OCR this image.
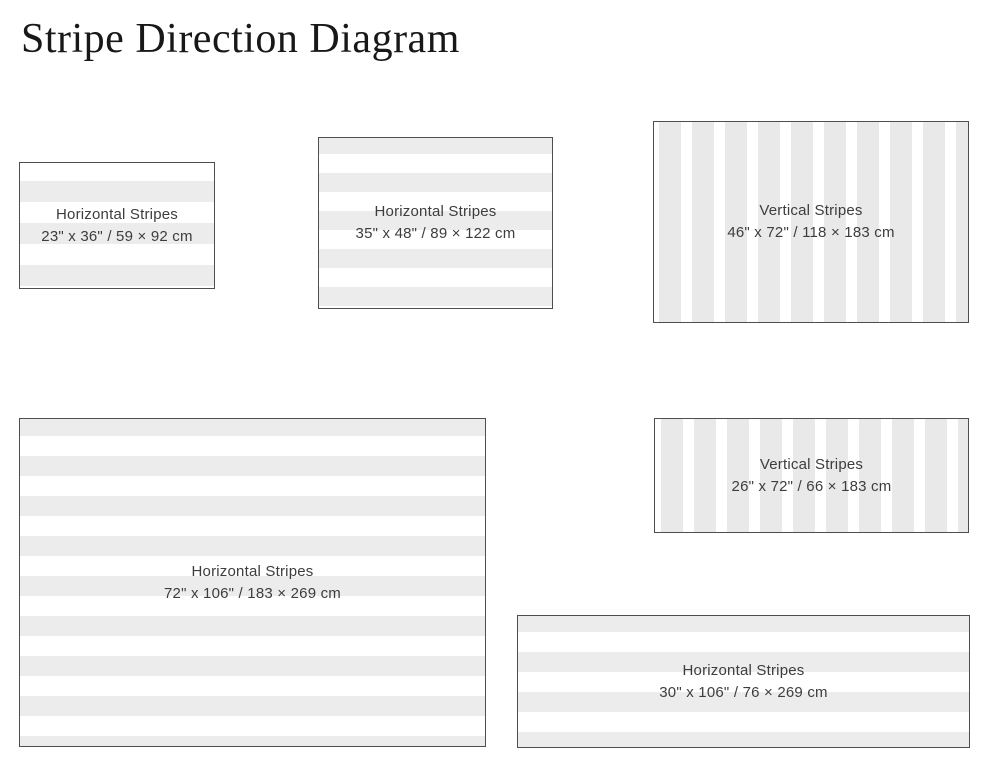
Stripe Direction Diagram
Horizontal Stripes
23" x 36" / 59 × 92 cm
Horizontal Stripes
35" x 48" / 89 × 122 cm
Vertical Stripes
46" x 72" / 118 × 183 cm
Horizontal Stripes
72" x 106" / 183 × 269 cm
Vertical Stripes
26" x 72" / 66 × 183 cm
Horizontal Stripes
30" x 106" / 76 × 269 cm
